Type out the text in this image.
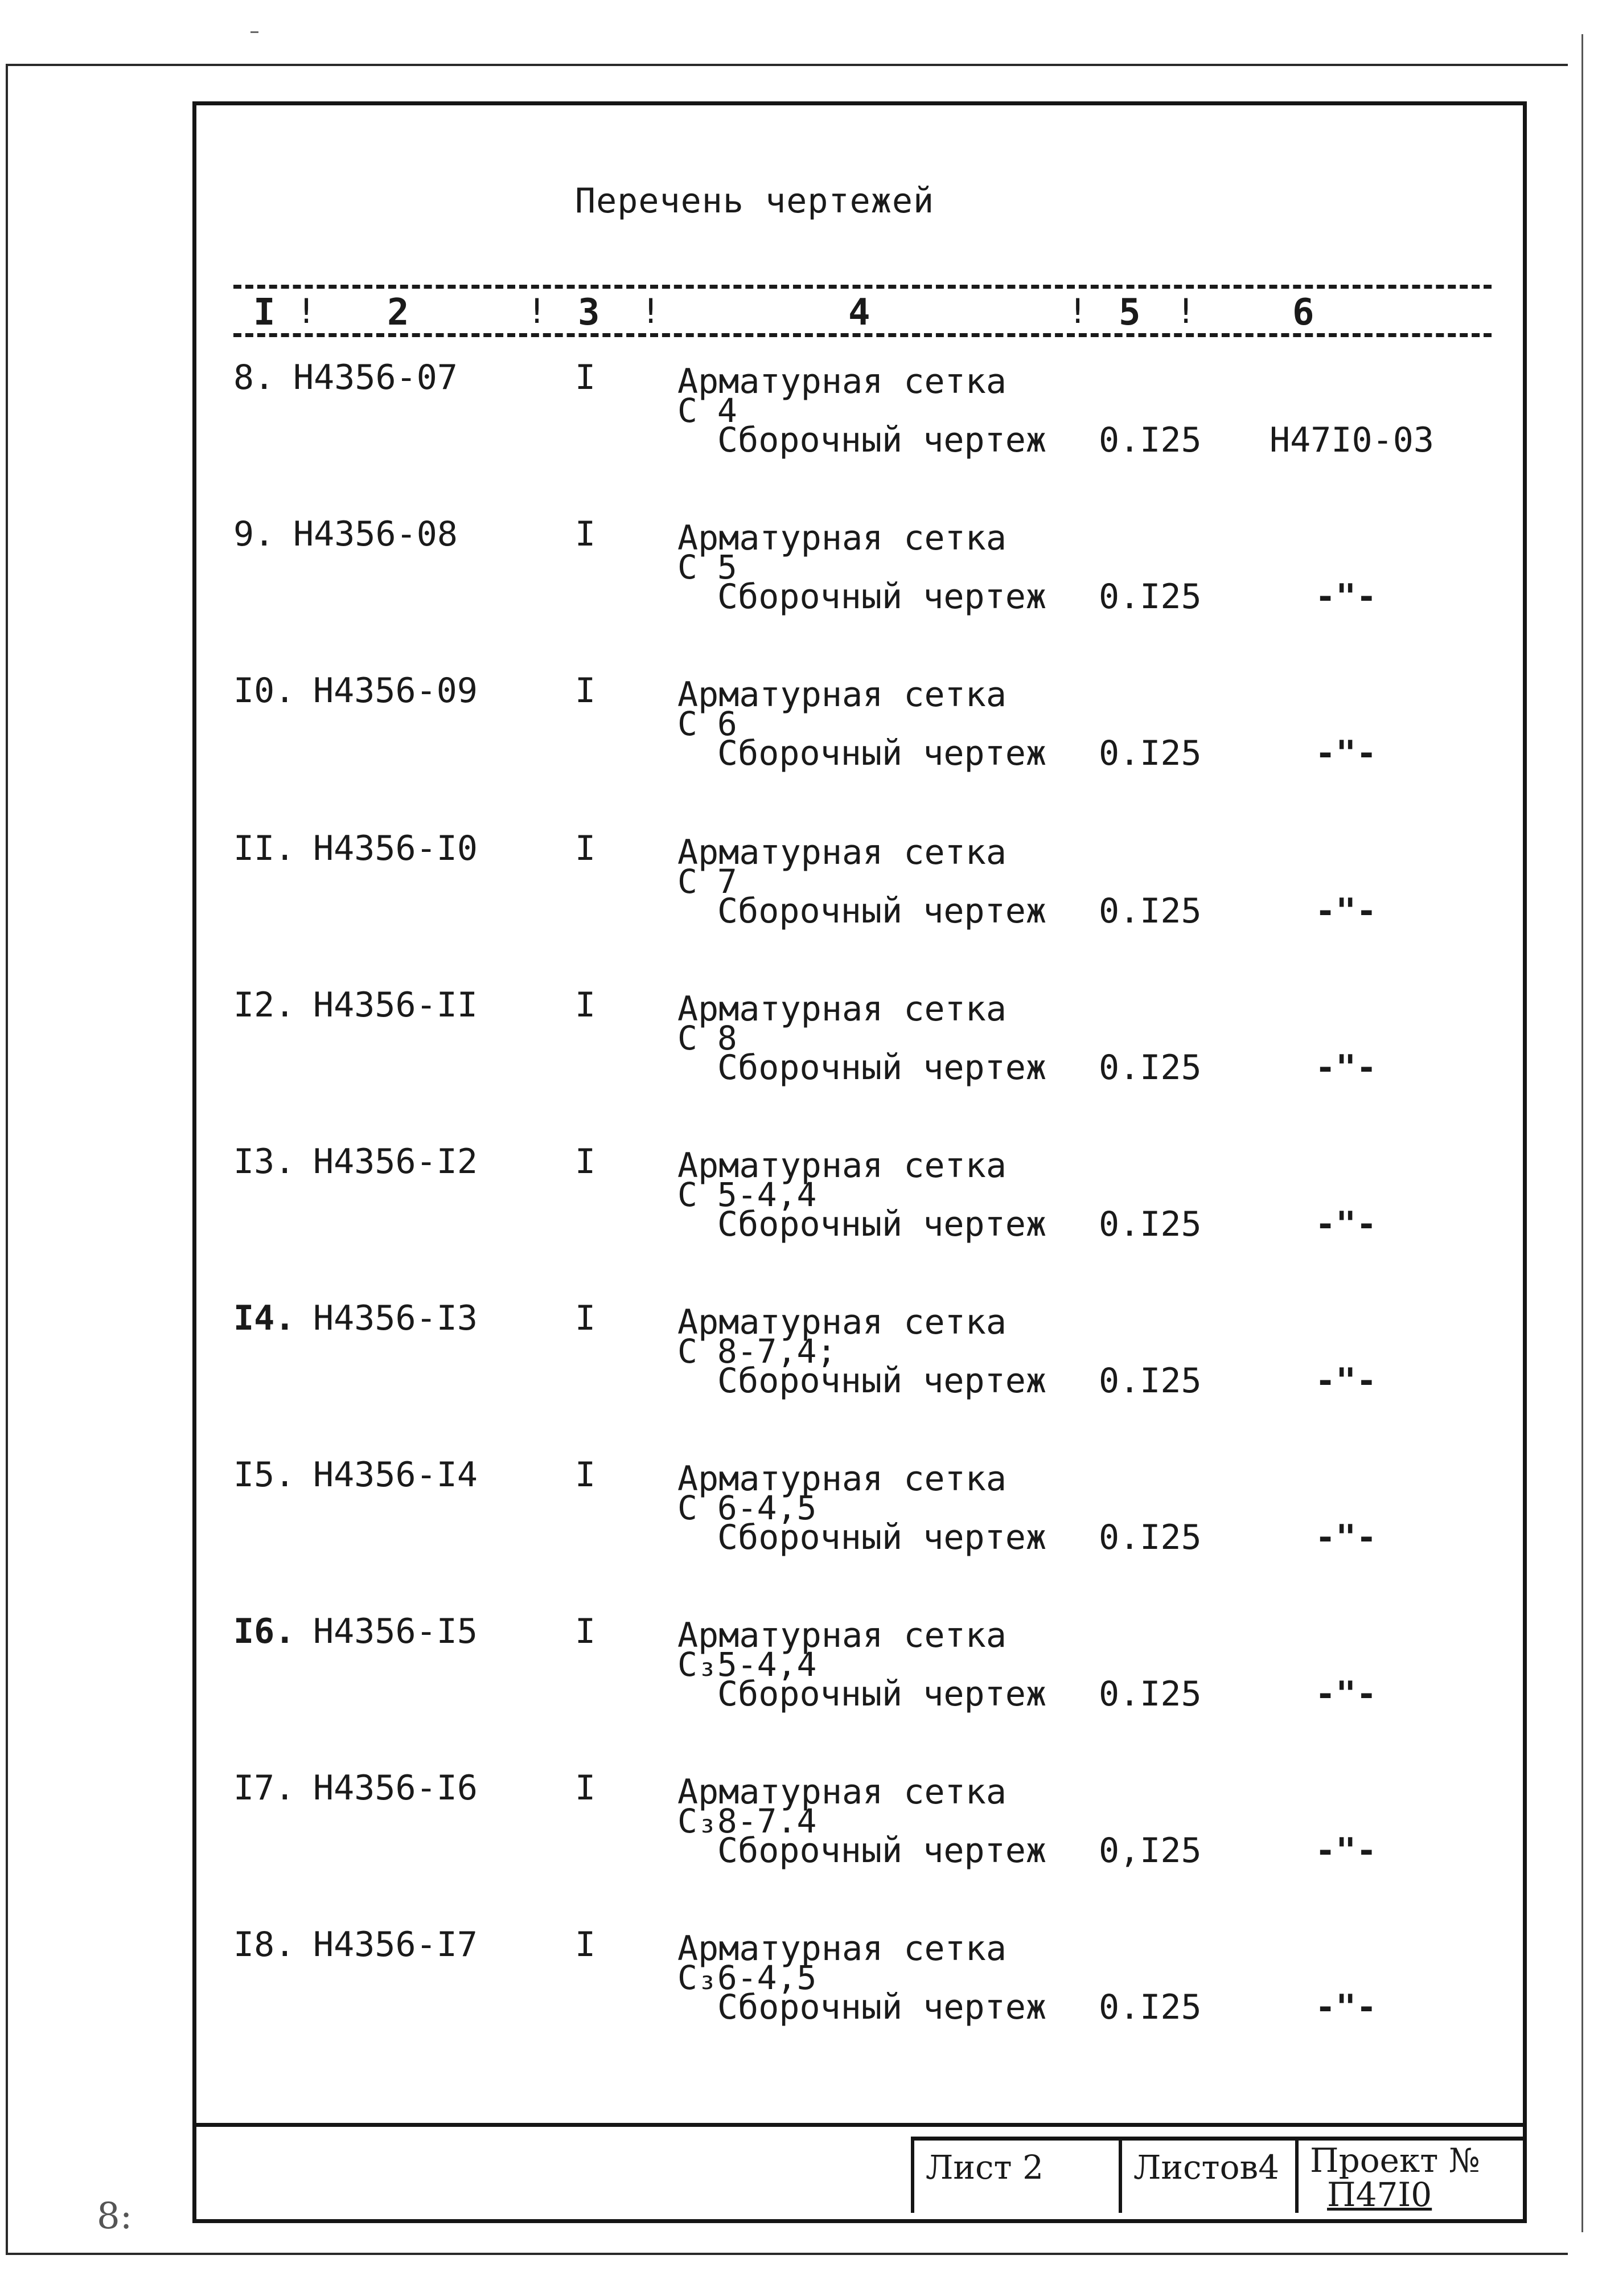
Перечень чертежей
I ! 2	! 3 !	4	! 5 !	6
8. Н4356-07	I Арматурная сетка
С 4
Сборочный чертеж 0.I25 Н47I0-03
9. Н4356-08	I Арматурная сетка
С 5
Сборочный чертеж 0.I25	-"-
I0. Н4356-09	I Арматурная сетка
С 6
Сборочный чертеж 0.I25	-"-
II. Н4356-I0	I Арматурная сетка
С 7
Сборочный чертеж 0.I25	-"-
I2. Н4356-II	I Арматурная сетка
С 8
Сборочный чертеж 0.I25	-"-
I3. Н4356-I2	I Арматурная сетка
С 5-4,4
Сборочный чертеж 0.I25	-"-
I4. Н4356-I3	I Арматурная сетка
С 8-7,4;
Сборочный чертеж 0.I25	-"-
I5. Н4356-I4	I Арматурная сетка
С 6-4,5
Сборочный чертеж 0.I25	-"-
I6. Н4356-I5	I Арматурная сетка
С₃5-4,4
Сборочный чертеж 0.I25	-"-
I7. Н4356-I6	I Арматурная сетка
С₃8-7.4
Сборочный чертеж 0,I25	-"-
I8. Н4356-I7	I Арматурная сетка
С₃6-4,5
Сборочный чертеж 0.I25	-"-
Лист 2	Листов4 Проект №
П47I0
8:
